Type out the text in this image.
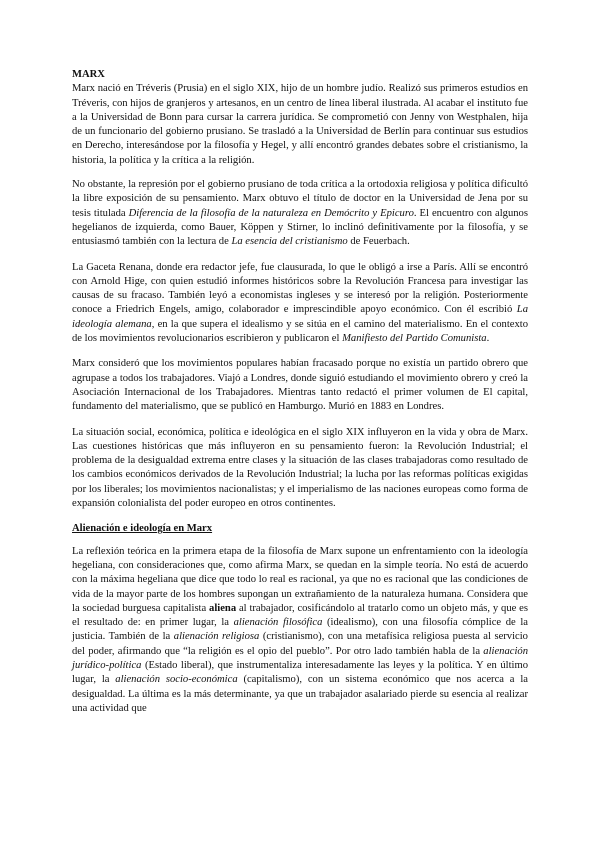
MARX

Marx nació en Tréveris (Prusia) en el siglo XIX, hijo de un hombre judío. Realizó sus primeros estudios en Tréveris, con hijos de granjeros y artesanos, en un centro de línea liberal ilustrada. Al acabar el instituto fue a la Universidad de Bonn para cursar la carrera jurídica. Se comprometió con Jenny von Westphalen, hija de un funcionario del gobierno prusiano. Se trasladó a la Universidad de Berlín para continuar sus estudios en Derecho, interesándose por la filosofía y Hegel, y allí encontró grandes debates sobre el cristianismo, la historia, la política y la crítica a la religión.

No obstante, la represión por el gobierno prusiano de toda crítica a la ortodoxia religiosa y política dificultó la libre exposición de su pensamiento. Marx obtuvo el título de doctor en la Universidad de Jena por su tesis titulada Diferencia de la filosofía de la naturaleza en Demócrito y Epicuro. El encuentro con algunos hegelianos de izquierda, como Bauer, Köppen y Stirner, lo inclinó definitivamente por la filosofía, y se entusiasmó también con la lectura de La esencia del cristianismo de Feuerbach.

La Gaceta Renana, donde era redactor jefe, fue clausurada, lo que le obligó a irse a París. Allí se encontró con Arnold Hige, con quien estudió informes históricos sobre la Revolución Francesa para investigar las causas de su fracaso. También leyó a economistas ingleses y se interesó por la religión. Posteriormente conoce a Friedrich Engels, amigo, colaborador e imprescindible apoyo económico. Con él escribió La ideología alemana, en la que supera el idealismo y se sitúa en el camino del materialismo. En el contexto de los movimientos revolucionarios escribieron y publicaron el Manifiesto del Partido Comunista.

Marx consideró que los movimientos populares habían fracasado porque no existía un partido obrero que agrupase a todos los trabajadores. Viajó a Londres, donde siguió estudiando el movimiento obrero y creó la Asociación Internacional de los Trabajadores. Mientras tanto redactó el primer volumen de El capital, fundamento del materialismo, que se publicó en Hamburgo. Murió en 1883 en Londres.

La situación social, económica, política e ideológica en el siglo XIX influyeron en la vida y obra de Marx. Las cuestiones históricas que más influyeron en su pensamiento fueron: la Revolución Industrial; el problema de la desigualdad extrema entre clases y la situación de las clases trabajadoras como resultado de los cambios económicos derivados de la Revolución Industrial; la lucha por las reformas políticas exigidas por los liberales; los movimientos nacionalistas; y el imperialismo de las naciones europeas como forma de expansión colonialista del poder europeo en otros continentes.

Alienación e ideología en Marx

La reflexión teórica en la primera etapa de la filosofía de Marx supone un enfrentamiento con la ideología hegeliana, con consideraciones que, como afirma Marx, se quedan en la simple teoría. No está de acuerdo con la máxima hegeliana que dice que todo lo real es racional, ya que no es racional que las condiciones de vida de la mayor parte de los hombres supongan un extrañamiento de la naturaleza humana. Considera que la sociedad burguesa capitalista aliena al trabajador, cosificándolo al tratarlo como un objeto más, y que es el resultado de: en primer lugar, la alienación filosófica (idealismo), con una filosofía cómplice de la justicia. También de la alienación religiosa (cristianismo), con una metafísica religiosa puesta al servicio del poder, afirmando que “la religión es el opio del pueblo”. Por otro lado también habla de la alienación jurídico-política (Estado liberal), que instrumentaliza interesadamente las leyes y la política. Y en último lugar, la alienación socio-económica (capitalismo), con un sistema económico que nos acerca a la desigualdad. La última es la más determinante, ya que un trabajador asalariado pierde su esencia al realizar una actividad que
